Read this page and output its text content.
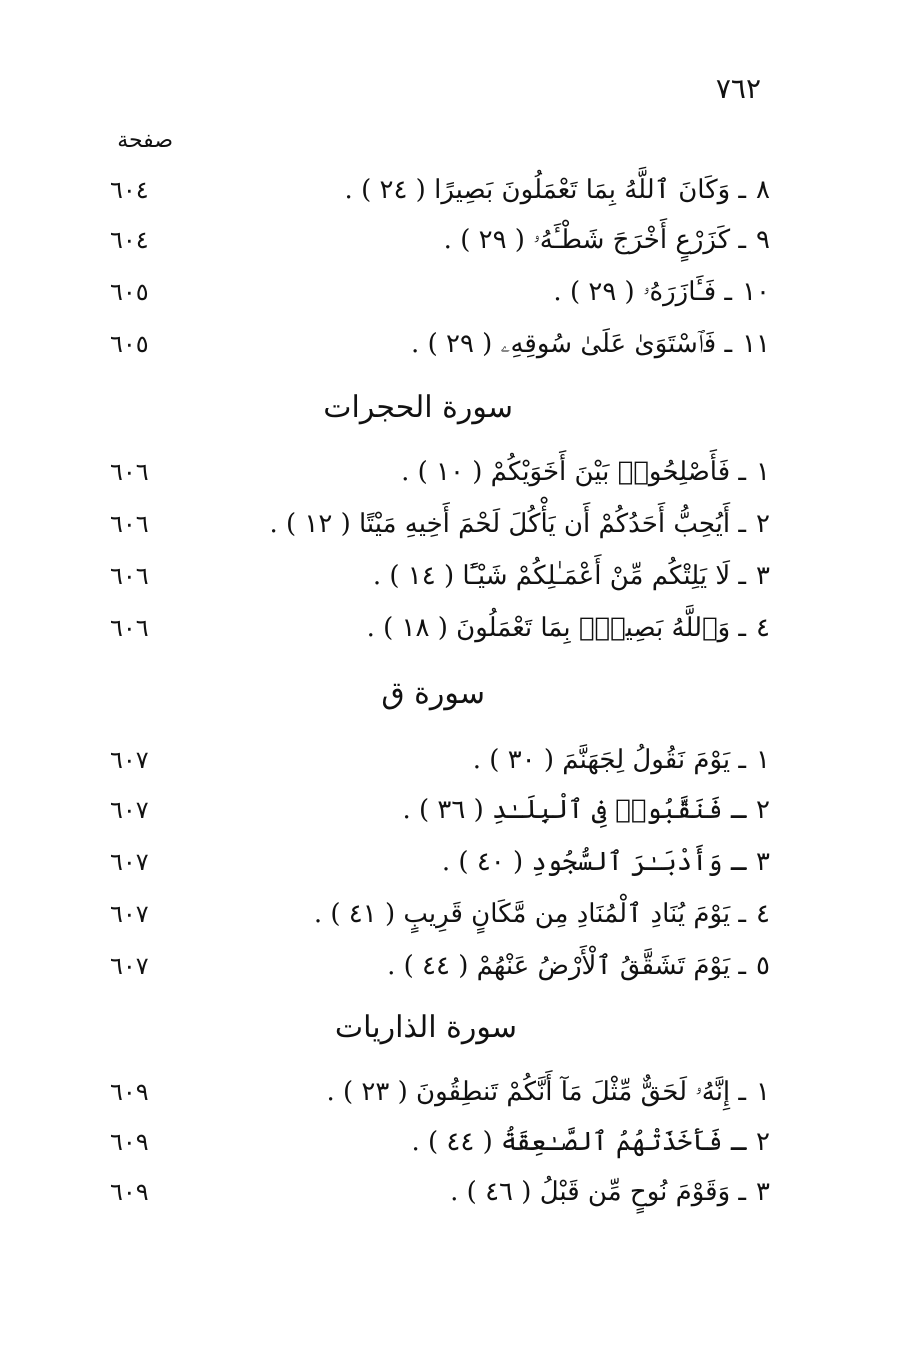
٧٦٢
صفحة
٨ـ وَكَانَ ٱللَّهُ بِمَا تَعْمَلُونَ بَصِيرًا ( ٢٤ ) .
٦٠٤
٩ـ كَزَرْعٍ أَخْرَجَ شَطْـَٔهُۥ ( ٢٩ ) .
٦٠٤
١٠ـ فَـَٔازَرَهُۥ ( ٢٩ ) .
٦٠٥
١١ـ فَٱسْتَوَىٰ عَلَىٰ سُوقِهِۦ ( ٢٩ ) .
٦٠٥
سورة الحجرات
١ـ فَأَصْلِحُوا۟ بَيْنَ أَخَوَيْكُمْ ( ١٠ ) .
٦٠٦
٢ـ أَيُحِبُّ أَحَدُكُمْ أَن يَأْكُلَ لَحْمَ أَخِيهِ مَيْتًا ( ١٢ ) .
٦٠٦
٣ـ لَا يَلِتْكُم مِّنْ أَعْمَـٰلِكُمْ شَيْـًٔا ( ١٤ ) .
٦٠٦
٤ـ وَٱللَّهُ بَصِيرٌۢ بِمَا تَعْمَلُونَ ( ١٨ ) .
٦٠٦
سورة ق
١ـ يَوْمَ نَقُولُ لِجَهَنَّمَ ( ٣٠ ) .
٦٠٧
٢ـ فَنَقَّبُوا۟ فِى ٱلْبِلَـٰدِ ( ٣٦ ) .
٦٠٧
٣ـ وَأَدْبَـٰرَ ٱلسُّجُودِ ( ٤٠ ) .
٦٠٧
٤ـ يَوْمَ يُنَادِ ٱلْمُنَادِ مِن مَّكَانٍ قَرِيبٍ ( ٤١ ) .
٦٠٧
٥ـ يَوْمَ تَشَقَّقُ ٱلْأَرْضُ عَنْهُمْ ( ٤٤ ) .
٦٠٧
سورة الذاريات
١ـ إِنَّهُۥ لَحَقٌّ مِّثْلَ مَآ أَنَّكُمْ تَنطِقُونَ ( ٢٣ ) .
٦٠٩
٢ـ فَأَخَذَتْهُمُ ٱلصَّـٰعِقَةُ ( ٤٤ ) .
٦٠٩
٣ـ وَقَوْمَ نُوحٍ مِّن قَبْلُ ( ٤٦ ) .
٦٠٩
